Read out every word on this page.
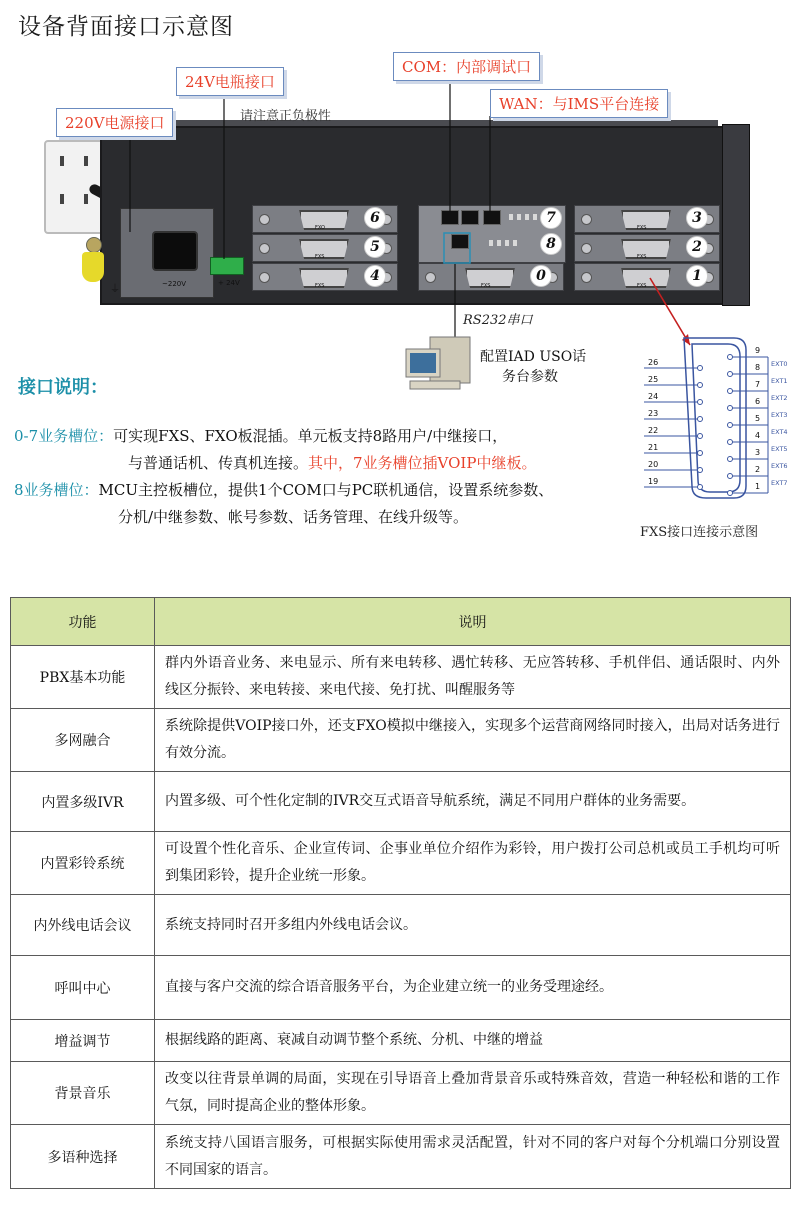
设备背面接口示意图
~220V	+ 24V
⏚
FXO
FXS
FXS	FXS
FXS
FXS
FXS
6
5
4	0
7
8
3
2
1
24V电瓶接口
请注意正负极性
220V电源接口
COM：内部调试口
WAN：与IMS平台连接
RS232串口
配置IAD USO话
务台参数
接口说明：
0-7业务槽位：可实现FXS、FXO板混插。单元板支持8路用户/中继接口，
与普通话机、传真机连接。其中，7业务槽位插VOIP中继板。
8业务槽位：MCU主控板槽位，提供1个COM口与PC联机通信，设置系统参数、
分机/中继参数、帐号参数、话务管理、在线升级等。
26
25
24
23
22
21
20
19
9
8
7
6
5
4
3
2
1
EXT0
EXT1
EXT2
EXT3
EXT4
EXT5
EXT6
EXT7
FXS接口连接示意图
功能	说明
PBX基本功能	群内外语音业务、来电显示、所有来电转移、遇忙转移、无应答转移、手机伴侣、通话限时、内外线区分振铃、来电转接、来电代接、免打扰、叫醒服务等
多网融合	系统除提供VOIP接口外，还支FXO模拟中继接入，实现多个运营商网络同时接入，出局对话务进行有效分流。
内置多级IVR	内置多级、可个性化定制的IVR交互式语音导航系统，满足不同用户群体的业务需要。
内置彩铃系统	可设置个性化音乐、企业宣传词、企事业单位介绍作为彩铃，用户拨打公司总机或员工手机均可听到集团彩铃，提升企业统一形象。
内外线电话会议	系统支持同时召开多组内外线电话会议。
呼叫中心	直接与客户交流的综合语音服务平台，为企业建立统一的业务受理途经。
增益调节	根据线路的距离、衰减自动调节整个系统、分机、中继的增益
背景音乐	改变以往背景单调的局面，实现在引导语音上叠加背景音乐或特殊音效，营造一种轻松和谐的工作气氛，同时提高企业的整体形象。
多语种选择	系统支持八国语言服务，可根据实际使用需求灵活配置，针对不同的客户对每个分机端口分别设置不同国家的语言。
